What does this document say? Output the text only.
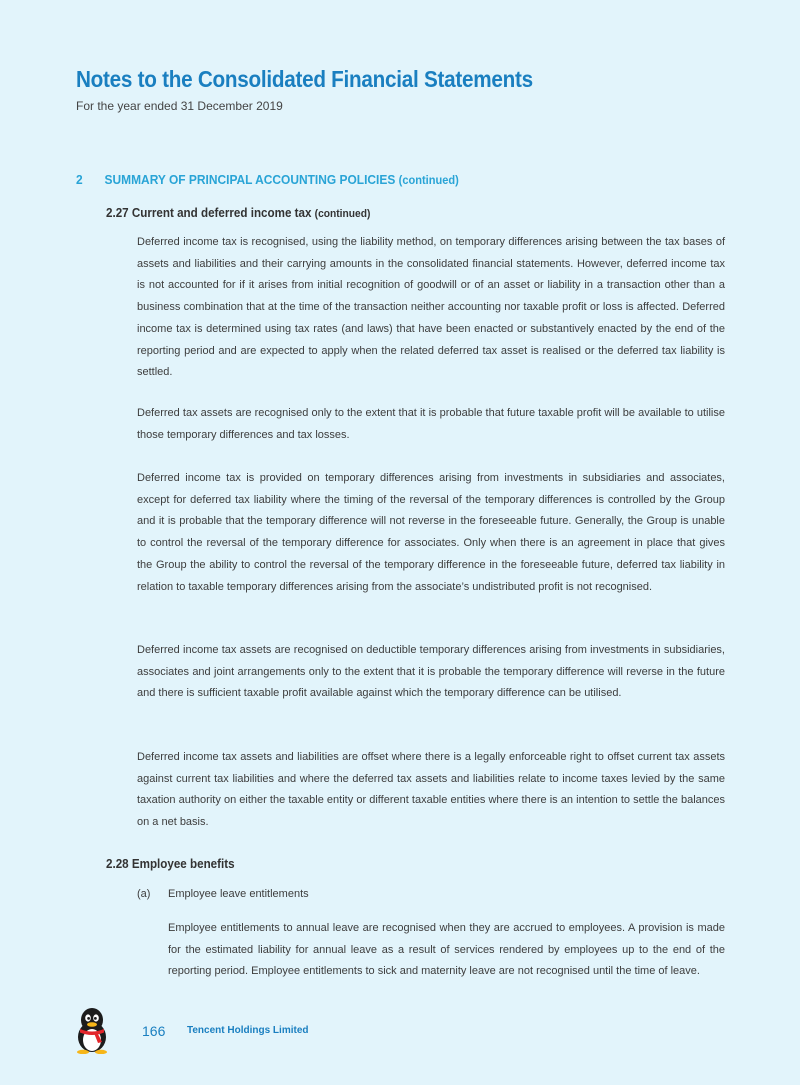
Notes to the Consolidated Financial Statements
For the year ended 31 December 2019
2 SUMMARY OF PRINCIPAL ACCOUNTING POLICIES (continued)
2.27 Current and deferred income tax (continued)

Deferred income tax is recognised, using the liability method, on temporary differences arising between the tax bases of assets and liabilities and their carrying amounts in the consolidated financial statements. However, deferred income tax is not accounted for if it arises from initial recognition of goodwill or of an asset or liability in a transaction other than a business combination that at the time of the transaction neither accounting nor taxable profit or loss is affected. Deferred income tax is determined using tax rates (and laws) that have been enacted or substantively enacted by the end of the reporting period and are expected to apply when the related deferred tax asset is realised or the deferred tax liability is settled.

Deferred tax assets are recognised only to the extent that it is probable that future taxable profit will be available to utilise those temporary differences and tax losses.

Deferred income tax is provided on temporary differences arising from investments in subsidiaries and associates, except for deferred tax liability where the timing of the reversal of the temporary differences is controlled by the Group and it is probable that the temporary difference will not reverse in the foreseeable future. Generally, the Group is unable to control the reversal of the temporary difference for associates. Only when there is an agreement in place that gives the Group the ability to control the reversal of the temporary difference in the foreseeable future, deferred tax liability in relation to taxable temporary differences arising from the associate’s undistributed profit is not recognised.

Deferred income tax assets are recognised on deductible temporary differences arising from investments in subsidiaries, associates and joint arrangements only to the extent that it is probable the temporary difference will reverse in the future and there is sufficient taxable profit available against which the temporary difference can be utilised.

Deferred income tax assets and liabilities are offset where there is a legally enforceable right to offset current tax assets against current tax liabilities and where the deferred tax assets and liabilities relate to income taxes levied by the same taxation authority on either the taxable entity or different taxable entities where there is an intention to settle the balances on a net basis.

2.28 Employee benefits
(a) Employee leave entitlements

Employee entitlements to annual leave are recognised when they are accrued to employees. A provision is made for the estimated liability for annual leave as a result of services rendered by employees up to the end of the reporting period. Employee entitlements to sick and maternity leave are not recognised until the time of leave.

166 Tencent Holdings Limited
